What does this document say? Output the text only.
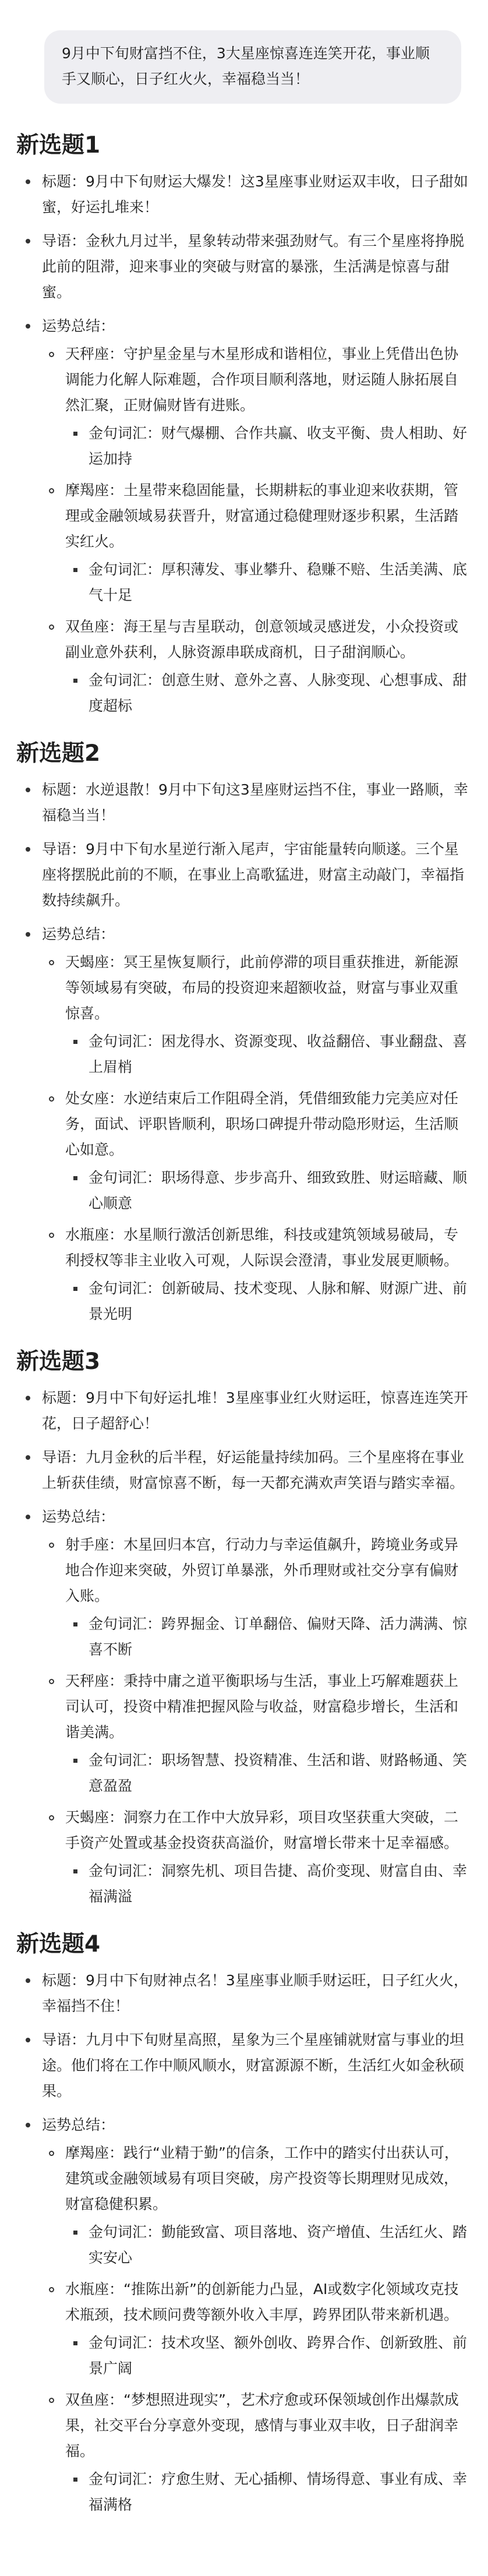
9月中下旬财富挡不住，3大星座惊喜连连笑开花，事业顺手又顺心，日子红火火，幸福稳当当！
新选题1
标题：9月中下旬财运大爆发！这3星座事业财运双丰收，日子甜如蜜，好运扎堆来！
导语：金秋九月过半，星象转动带来强劲财气。有三个星座将挣脱此前的阻滞，迎来事业的突破与财富的暴涨，生活满是惊喜与甜蜜。
运势总结：
天秤座：守护星金星与木星形成和谐相位，事业上凭借出色协调能力化解人际难题，合作项目顺利落地，财运随人脉拓展自然汇聚，正财偏财皆有进账。
金句词汇：财气爆棚、合作共赢、收支平衡、贵人相助、好运加持
摩羯座：土星带来稳固能量，长期耕耘的事业迎来收获期，管理或金融领域易获晋升，财富通过稳健理财逐步积累，生活踏实红火。
金句词汇：厚积薄发、事业攀升、稳赚不赔、生活美满、底气十足
双鱼座：海王星与吉星联动，创意领域灵感迸发，小众投资或副业意外获利，人脉资源串联成商机，日子甜润顺心。
金句词汇：创意生财、意外之喜、人脉变现、心想事成、甜度超标
新选题2
标题：水逆退散！9月中下旬这3星座财运挡不住，事业一路顺，幸福稳当当！
导语：9月中下旬水星逆行渐入尾声，宇宙能量转向顺遂。三个星座将摆脱此前的不顺，在事业上高歌猛进，财富主动敲门，幸福指数持续飙升。
运势总结：
天蝎座：冥王星恢复顺行，此前停滞的项目重获推进，新能源等领域易有突破，布局的投资迎来超额收益，财富与事业双重惊喜。
金句词汇：困龙得水、资源变现、收益翻倍、事业翻盘、喜上眉梢
处女座：水逆结束后工作阻碍全消，凭借细致能力完美应对任务，面试、评职皆顺利，职场口碑提升带动隐形财运，生活顺心如意。
金句词汇：职场得意、步步高升、细致致胜、财运暗藏、顺心顺意
水瓶座：水星顺行激活创新思维，科技或建筑领域易破局，专利授权等非主业收入可观，人际误会澄清，事业发展更顺畅。
金句词汇：创新破局、技术变现、人脉和解、财源广进、前景光明
新选题3
标题：9月中下旬好运扎堆！3星座事业红火财运旺，惊喜连连笑开花，日子超舒心！
导语：九月金秋的后半程，好运能量持续加码。三个星座将在事业上斩获佳绩，财富惊喜不断，每一天都充满欢声笑语与踏实幸福。
运势总结：
射手座：木星回归本宫，行动力与幸运值飙升，跨境业务或异地合作迎来突破，外贸订单暴涨，外币理财或社交分享有偏财入账。
金句词汇：跨界掘金、订单翻倍、偏财天降、活力满满、惊喜不断
天秤座：秉持中庸之道平衡职场与生活，事业上巧解难题获上司认可，投资中精准把握风险与收益，财富稳步增长，生活和谐美满。
金句词汇：职场智慧、投资精准、生活和谐、财路畅通、笑意盈盈
天蝎座：洞察力在工作中大放异彩，项目攻坚获重大突破，二手资产处置或基金投资获高溢价，财富增长带来十足幸福感。
金句词汇：洞察先机、项目告捷、高价变现、财富自由、幸福满溢
新选题4
标题：9月中下旬财神点名！3星座事业顺手财运旺，日子红火火，幸福挡不住！
导语：九月中下旬财星高照，星象为三个星座铺就财富与事业的坦途。他们将在工作中顺风顺水，财富源源不断，生活红火如金秋硕果。
运势总结：
摩羯座：践行“业精于勤”的信条，工作中的踏实付出获认可，建筑或金融领域易有项目突破，房产投资等长期理财见成效，财富稳健积累。
金句词汇：勤能致富、项目落地、资产增值、生活红火、踏实安心
水瓶座：“推陈出新”的创新能力凸显，AI或数字化领域攻克技术瓶颈，技术顾问费等额外收入丰厚，跨界团队带来新机遇。
金句词汇：技术攻坚、额外创收、跨界合作、创新致胜、前景广阔
双鱼座：“梦想照进现实”，艺术疗愈或环保领域创作出爆款成果，社交平台分享意外变现，感情与事业双丰收，日子甜润幸福。
金句词汇：疗愈生财、无心插柳、情场得意、事业有成、幸福满格
